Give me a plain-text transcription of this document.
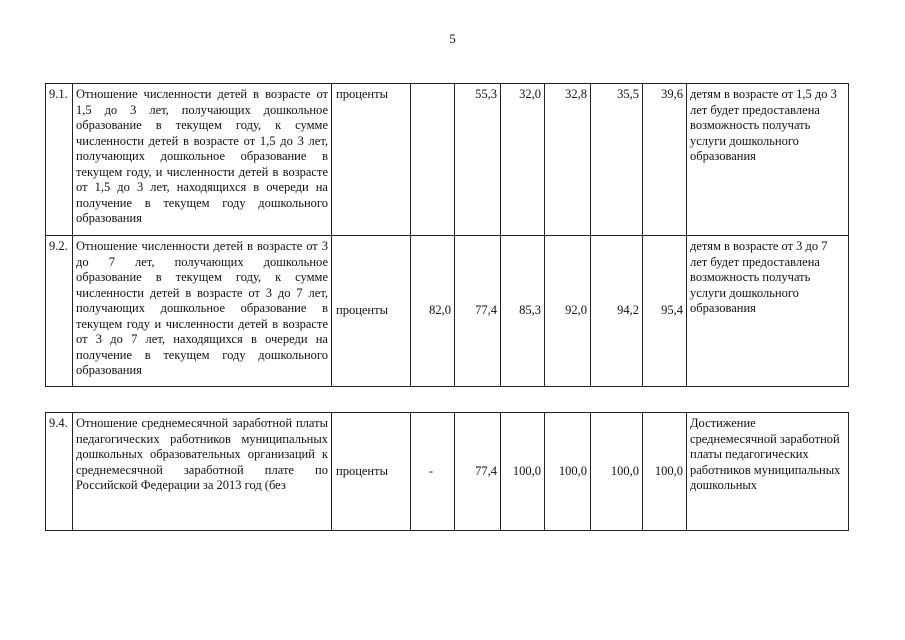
5
9.1.	Отношение численности детей в возрасте от 1,5 до 3 лет, получающих дошкольное образование в текущем году, к сумме численности детей в возрасте от 1,5 до 3 лет, получающих дошкольное образование в текущем году, и численности детей в возрасте от 1,5 до 3 лет, находящихся в очереди на получение в текущем году дошкольного образования	проценты		55,3	32,0	32,8	35,5	39,6	детям в возрасте от 1,5 до 3 лет будет предоставлена возможность получать услуги дошкольного образования
9.2.	Отношение численности детей в возрасте от 3 до 7 лет, получающих дошкольное образование в текущем году, к сумме численности детей в возрасте от 3 до 7 лет, получающих дошкольное образование в текущем году и численности детей в возрасте от 3 до 7 лет, находящихся в очереди на получение в текущем году дошкольного образования	проценты	82,0	77,4	85,3	92,0	94,2	95,4	детям в возрасте от 3 до 7 лет будет предоставлена возможность получать услуги дошкольного образования
9.4.	Отношение среднемесячной заработной платы педагогических работников муниципальных дошкольных образовательных организаций к среднемесячной заработной плате по Российской Федерации за 2013 год (без	проценты	-	77,4	100,0	100,0	100,0	100,0	Достижение среднемесячной заработной платы педагогических работников муниципальных дошкольных
